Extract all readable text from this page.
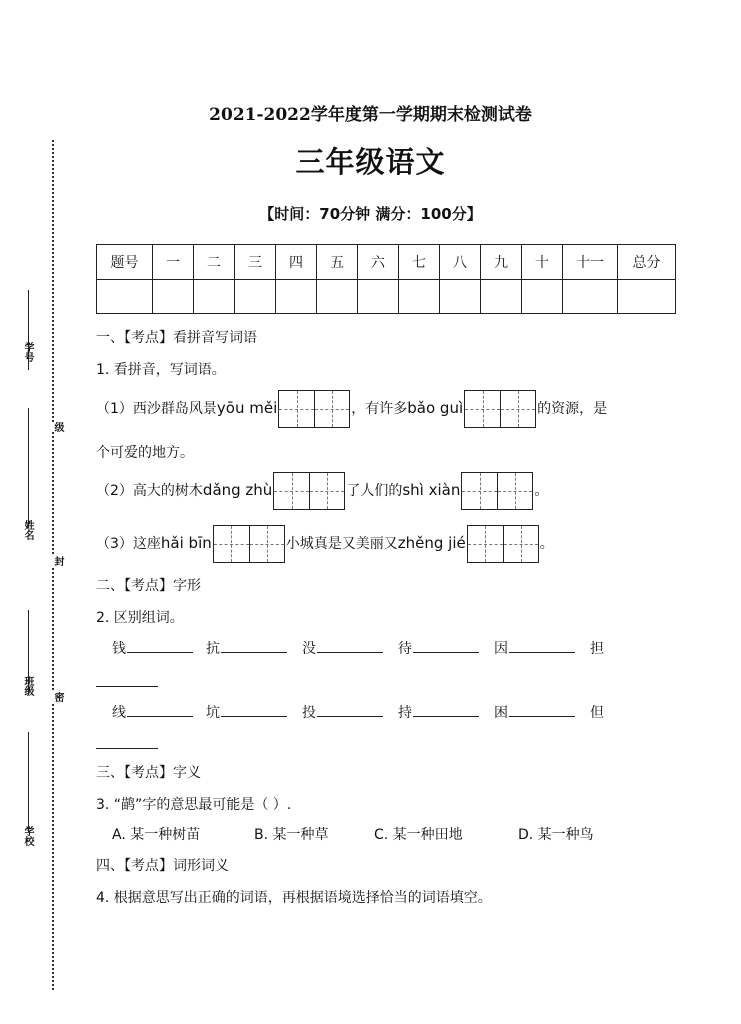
学号
姓名
班级
学校
级
封
密
2021-2022学年度第一学期期末检测试卷
三年级语文
【时间：70分钟 满分：100分】
题号	一	二	三	四	五	六	七	八	九	十	十一	总分

一、【考点】看拼音写词语
1. 看拼音，写词语。
（1）西沙群岛风景yōu měi	，有许多bǎo guì	的资源，是
个可爱的地方。
（2）高大的树木dǎng zhù	了人们的shì xiàn	。
（3）这座hǎi bīn	小城真是又美丽又zhěng jié	。
二、【考点】字形
2. 区别组词。
钱	抗	没	待	因	担
线	坑	投	持	困	但
三、【考点】字义
3. “鹋”字的意思最可能是（ ）.
A. 某一种树苗	B. 某一种草	C. 某一种田地	D. 某一种鸟
四、【考点】词形词义
4. 根据意思写出正确的词语，再根据语境选择恰当的词语填空。
